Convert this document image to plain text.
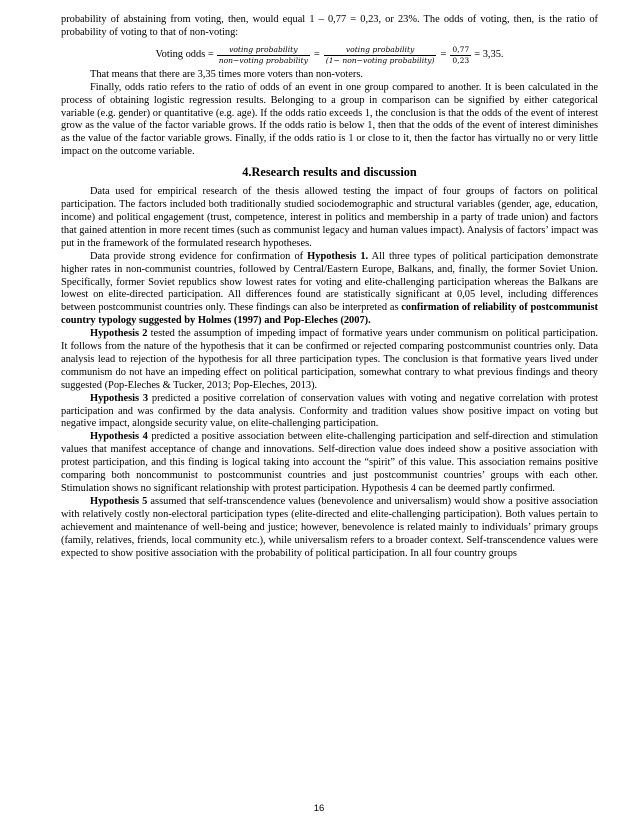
probability of abstaining from voting, then, would equal 1 – 0,77 = 0,23, or 23%. The odds of voting, then, is the ratio of probability of voting to that of non-voting:

Voting odds = $\frac{\text{voting probability}}{\text{non−voting probability}} = \frac{\text{voting probability}}{\text{(1− non−voting probability)}} = \frac{0,77}{0,23} = 3,35$.

That means that there are 3,35 times more voters than non-voters.

Finally, odds ratio refers to the ratio of odds of an event in one group compared to another. It is been calculated in the process of obtaining logistic regression results. Belonging to a group in comparison can be signified by either categorical variable (e.g. gender) or quantitative (e.g. age). If the odds ratio exceeds 1, the conclusion is that the odds of the event of interest grow as the value of the factor variable grows. If the odds ratio is below 1, then that the odds of the event of interest diminishes as the value of the factor variable grows. Finally, if the odds ratio is 1 or close to it, then the factor has virtually no or very little impact on the outcome variable.

4.Research results and discussion

Data used for empirical research of the thesis allowed testing the impact of four groups of factors on political participation. The factors included both traditionally studied sociodemographic and structural variables (gender, age, education, income) and political engagement (trust, competence, interest in politics and membership in a party of trade union) and factors that gained attention in more recent times (such as communist legacy and human values impact). Analysis of factors’ impact was put in the framework of the formulated research hypotheses.

Data provide strong evidence for confirmation of Hypothesis 1. All three types of political participation demonstrate higher rates in non-communist countries, followed by Central/Eastern Europe, Balkans, and, finally, the former Soviet Union. Specifically, former Soviet republics show lowest rates for voting and elite-challenging participation whereas the Balkans are lowest on elite-directed participation. All differences found are statistically significant at 0,05 level, including differences between postcommunist countries only. These findings can also be interpreted as confirmation of reliability of postcommunist country typology suggested by Holmes (1997) and Pop-Eleches (2007).

Hypothesis 2 tested the assumption of impeding impact of formative years under communism on political participation. It follows from the nature of the hypothesis that it can be confirmed or rejected comparing postcommunist countries only. Data analysis lead to rejection of the hypothesis for all three participation types. The conclusion is that formative years lived under communism do not have an impeding effect on political participation, somewhat contrary to what previous findings and theory suggested (Pop-Eleches & Tucker, 2013; Pop-Eleches, 2013).

Hypothesis 3 predicted a positive correlation of conservation values with voting and negative correlation with protest participation and was confirmed by the data analysis. Conformity and tradition values show positive impact on voting but negative impact, alongside security value, on elite-challenging participation.

Hypothesis 4 predicted a positive association between elite-challenging participation and self-direction and stimulation values that manifest acceptance of change and innovations. Self-direction value does indeed show a positive association with protest participation, and this finding is logical taking into account the “spirit” of this value. This association remains positive comparing both noncommunist to postcommunist countries and just postcommunist countries’ groups with each other. Stimulation shows no significant relationship with protest participation. Hypothesis 4 can be deemed partly confirmed.

Hypothesis 5 assumed that self-transcendence values (benevolence and universalism) would show a positive association with relatively costly non-electoral participation types (elite-directed and elite-challenging participation). Both values pertain to achievement and maintenance of well-being and justice; however, benevolence is related mainly to individuals’ primary groups (family, relatives, friends, local community etc.), while universalism refers to a broader context. Self-transcendence values were expected to show positive association with the probability of political participation. In all four country groups

16
